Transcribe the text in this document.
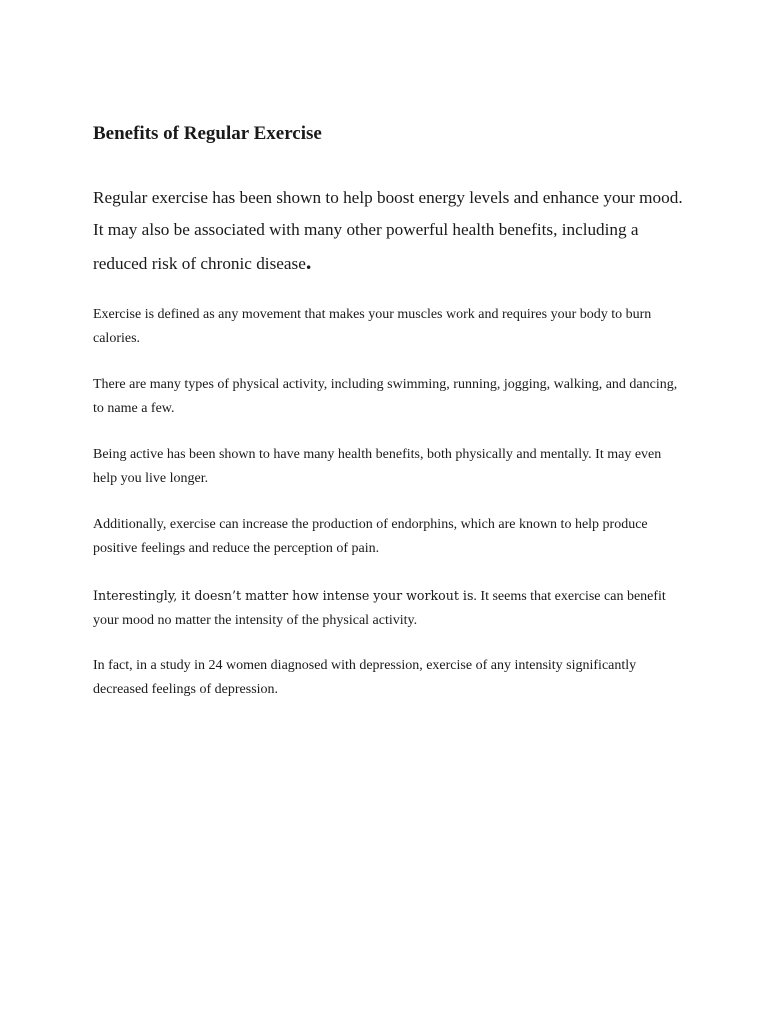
Benefits of Regular Exercise

Regular exercise has been shown to help boost energy levels and enhance your mood. It may also be associated with many other powerful health benefits, including a reduced risk of chronic disease.

Exercise is defined as any movement that makes your muscles work and requires your body to burn calories.

There are many types of physical activity, including swimming, running, jogging, walking, and dancing, to name a few.

Being active has been shown to have many health benefits, both physically and mentally. It may even help you live longer.

Additionally, exercise can increase the production of endorphins, which are known to help produce positive feelings and reduce the perception of pain.

Interestingly, it doesn’t matter how intense your workout is. It seems that exercise can benefit your mood no matter the intensity of the physical activity.

In fact, in a study in 24 women diagnosed with depression, exercise of any intensity significantly decreased feelings of depression.
